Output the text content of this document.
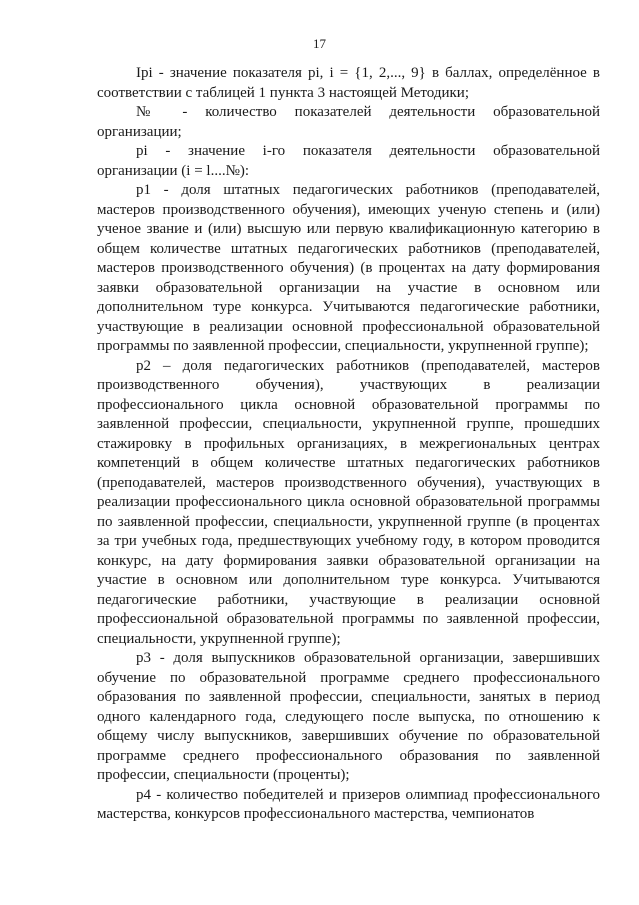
17

Ipi - значение показателя pi, i = {1, 2,..., 9} в баллах, определённое в соответствии с таблицей 1 пункта 3 настоящей Методики;

№ - количество показателей деятельности образовательной организации;

pi - значение i-го показателя деятельности образовательной организации (i = l....№):

p1 - доля штатных педагогических работников (преподавателей, мастеров производственного обучения), имеющих ученую степень и (или) ученое звание и (или) высшую или первую квалификационную категорию в общем количестве штатных педагогических работников (преподавателей, мастеров производственного обучения) (в процентах на дату формирования заявки образовательной организации на участие в основном или дополнительном туре конкурса. Учитываются педагогические работники, участвующие в реализации основной профессиональной образовательной программы по заявленной профессии, специальности, укрупненной группе);

p2 – доля педагогических работников (преподавателей, мастеров производственного обучения), участвующих в реализации профессионального цикла основной образовательной программы по заявленной профессии, специальности, укрупненной группе, прошедших стажировку в профильных организациях, в межрегиональных центрах компетенций в общем количестве штатных педагогических работников (преподавателей, мастеров производственного обучения), участвующих в реализации профессионального цикла основной образовательной программы по заявленной профессии, специальности, укрупненной группе (в процентах за три учебных года, предшествующих учебному году, в котором проводится конкурс, на дату формирования заявки образовательной организации на участие в основном или дополнительном туре конкурса. Учитываются педагогические работники, участвующие в реализации основной профессиональной образовательной программы по заявленной профессии, специальности, укрупненной группе);

p3 - доля выпускников образовательной организации, завершивших обучение по образовательной программе среднего профессионального образования по заявленной профессии, специальности, занятых в период одного календарного года, следующего после выпуска, по отношению к общему числу выпускников, завершивших обучение по образовательной программе среднего профессионального образования по заявленной профессии, специальности (проценты);

p4 - количество победителей и призеров олимпиад профессионального мастерства, конкурсов профессионального мастерства, чемпионатов
